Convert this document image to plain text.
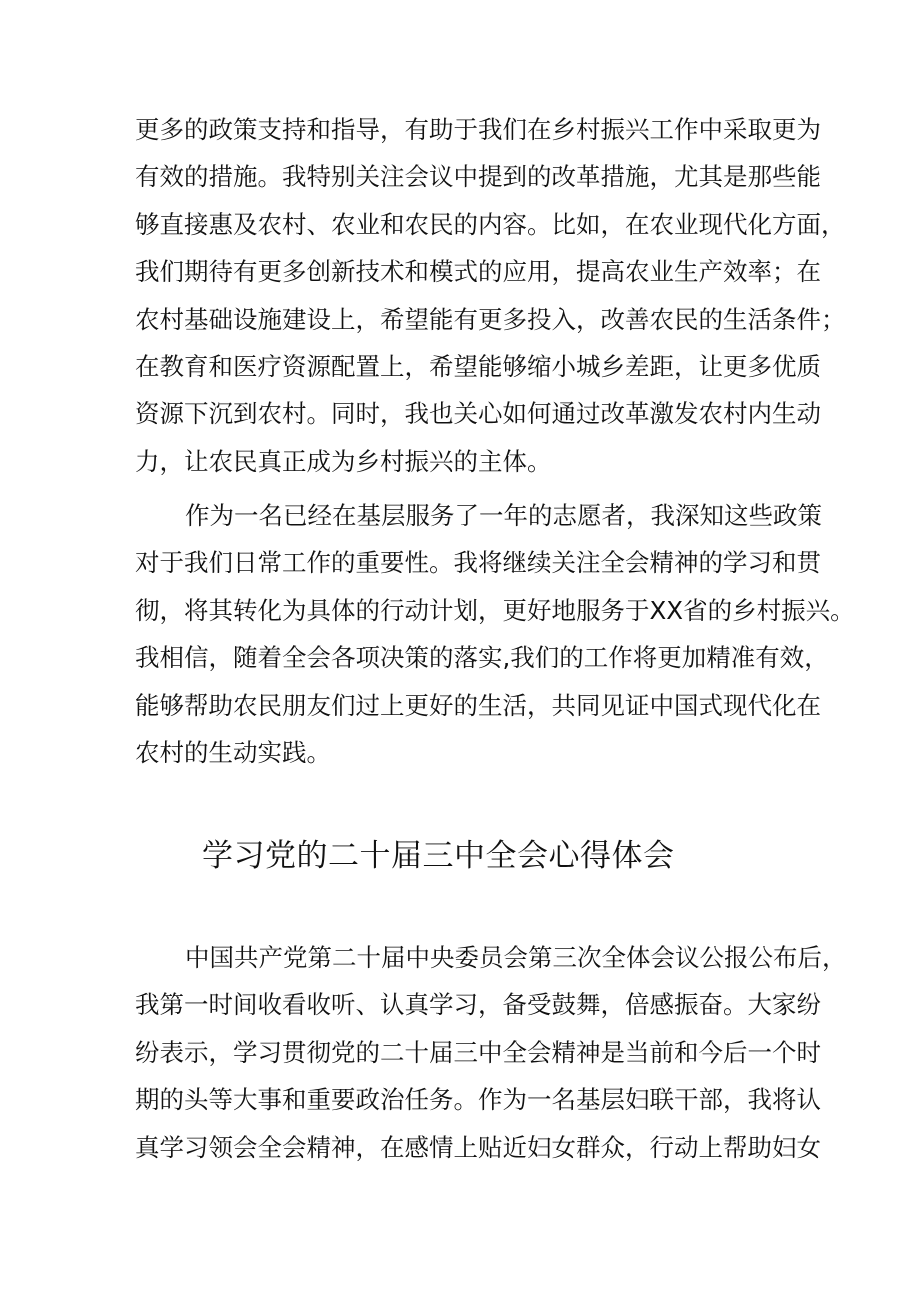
更多的政策支持和指导，有助于我们在乡村振兴工作中采取更为
有效的措施。我特别关注会议中提到的改革措施，尤其是那些能
够直接惠及农村、农业和农民的内容。比如，在农业现代化方面，
我们期待有更多创新技术和模式的应用，提高农业生产效率；在
农村基础设施建设上，希望能有更多投入，改善农民的生活条件；
在教育和医疗资源配置上，希望能够缩小城乡差距，让更多优质
资源下沉到农村。同时，我也关心如何通过改革激发农村内生动
力，让农民真正成为乡村振兴的主体。
作为一名已经在基层服务了一年的志愿者，我深知这些政策
对于我们日常工作的重要性。我将继续关注全会精神的学习和贯
彻，将其转化为具体的行动计划，更好地服务于XX省的乡村振兴。
我相信，随着全会各项决策的落实,我们的工作将更加精准有效，
能够帮助农民朋友们过上更好的生活，共同见证中国式现代化在
农村的生动实践。
学习党的二十届三中全会心得体会
中国共产党第二十届中央委员会第三次全体会议公报公布后，
我第一时间收看收听、认真学习，备受鼓舞，倍感振奋。大家纷
纷表示，学习贯彻党的二十届三中全会精神是当前和今后一个时
期的头等大事和重要政治任务。作为一名基层妇联干部，我将认
真学习领会全会精神，在感情上贴近妇女群众，行动上帮助妇女
